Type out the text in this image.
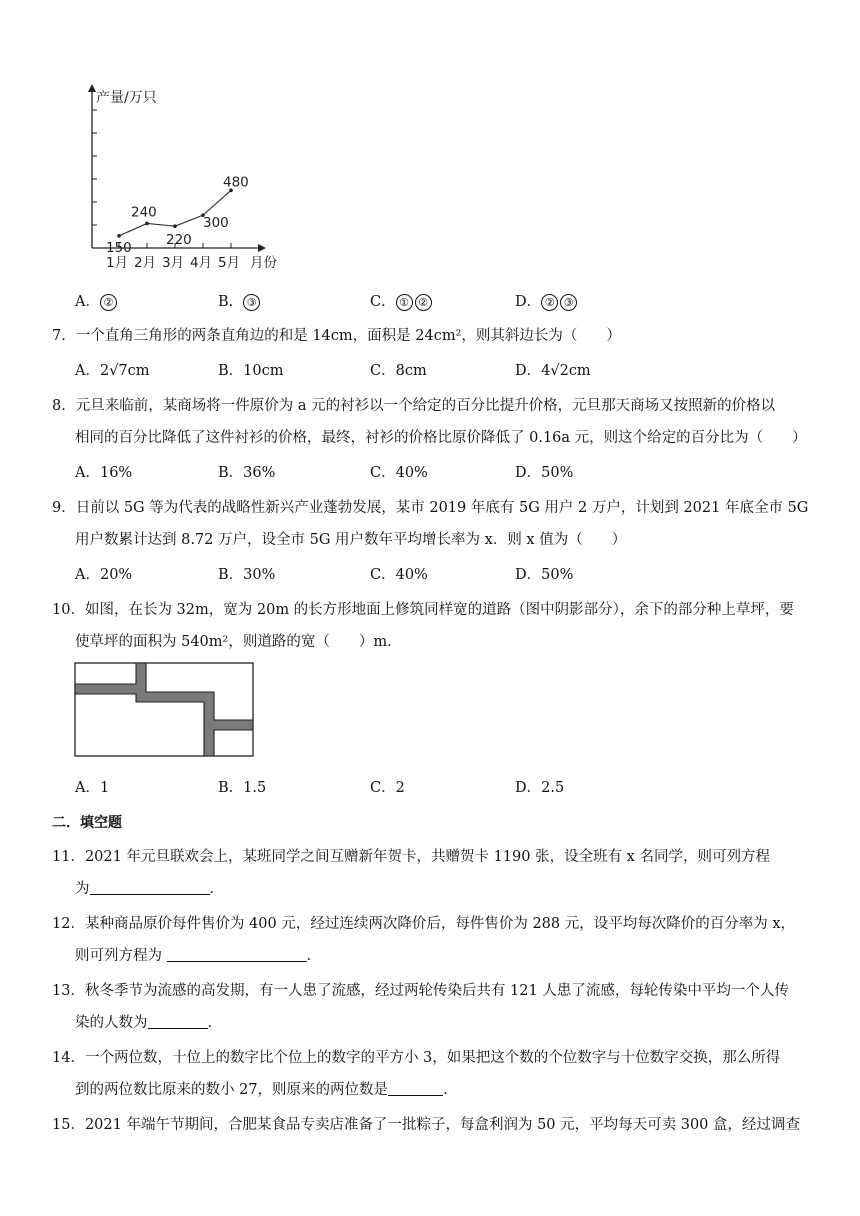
1月 2月 3月 4月 5月
产量/万只
月份
150
240
220
300
480
A． ②	B． ③	C． ① ②	D． ② ③
7．一个直角三角形的两条直角边的和是 14cm，面积是 24cm²，则其斜边长为（　　）
A．2√7cm	B．10cm	C．8cm	D．4√2cm
8．元旦来临前，某商场将一件原价为 a 元的衬衫以一个给定的百分比提升价格，元旦那天商场又按照新的价格以
相同的百分比降低了这件衬衫的价格，最终，衬衫的价格比原价降低了 0.16a 元，则这个给定的百分比为（　　）
A．16%	B．36%	C．40%	D．50%
9．日前以 5G 等为代表的战略性新兴产业蓬勃发展，某市 2019 年底有 5G 用户 2 万户，计划到 2021 年底全市 5G
用户数累计达到 8.72 万户，设全市 5G 用户数年平均增长率为 x．则 x 值为（　　）
A．20%	B．30%	C．40%	D．50%
10．如图，在长为 32m，宽为 20m 的长方形地面上修筑同样宽的道路（图中阴影部分），余下的部分种上草坪，要
使草坪的面积为 540m²，则道路的宽（　　）m．
A．1	B．1.5	C．2	D．2.5
二．填空题
11．2021 年元旦联欢会上，某班同学之间互赠新年贺卡，共赠贺卡 1190 张，设全班有 x 名同学，则可列方程
为	．
12．某种商品原价每件售价为 400 元，经过连续两次降价后，每件售价为 288 元，设平均每次降价的百分率为 x，
则可列方程为	．
13．秋冬季节为流感的高发期，有一人患了流感，经过两轮传染后共有 121 人患了流感，每轮传染中平均一个人传
染的人数为	．
14．一个两位数，十位上的数字比个位上的数字的平方小 3，如果把这个数的个位数字与十位数字交换，那么所得
到的两位数比原来的数小 27，则原来的两位数是	．
15．2021 年端午节期间，合肥某食品专卖店准备了一批粽子，每盒利润为 50 元，平均每天可卖 300 盒，经过调查
